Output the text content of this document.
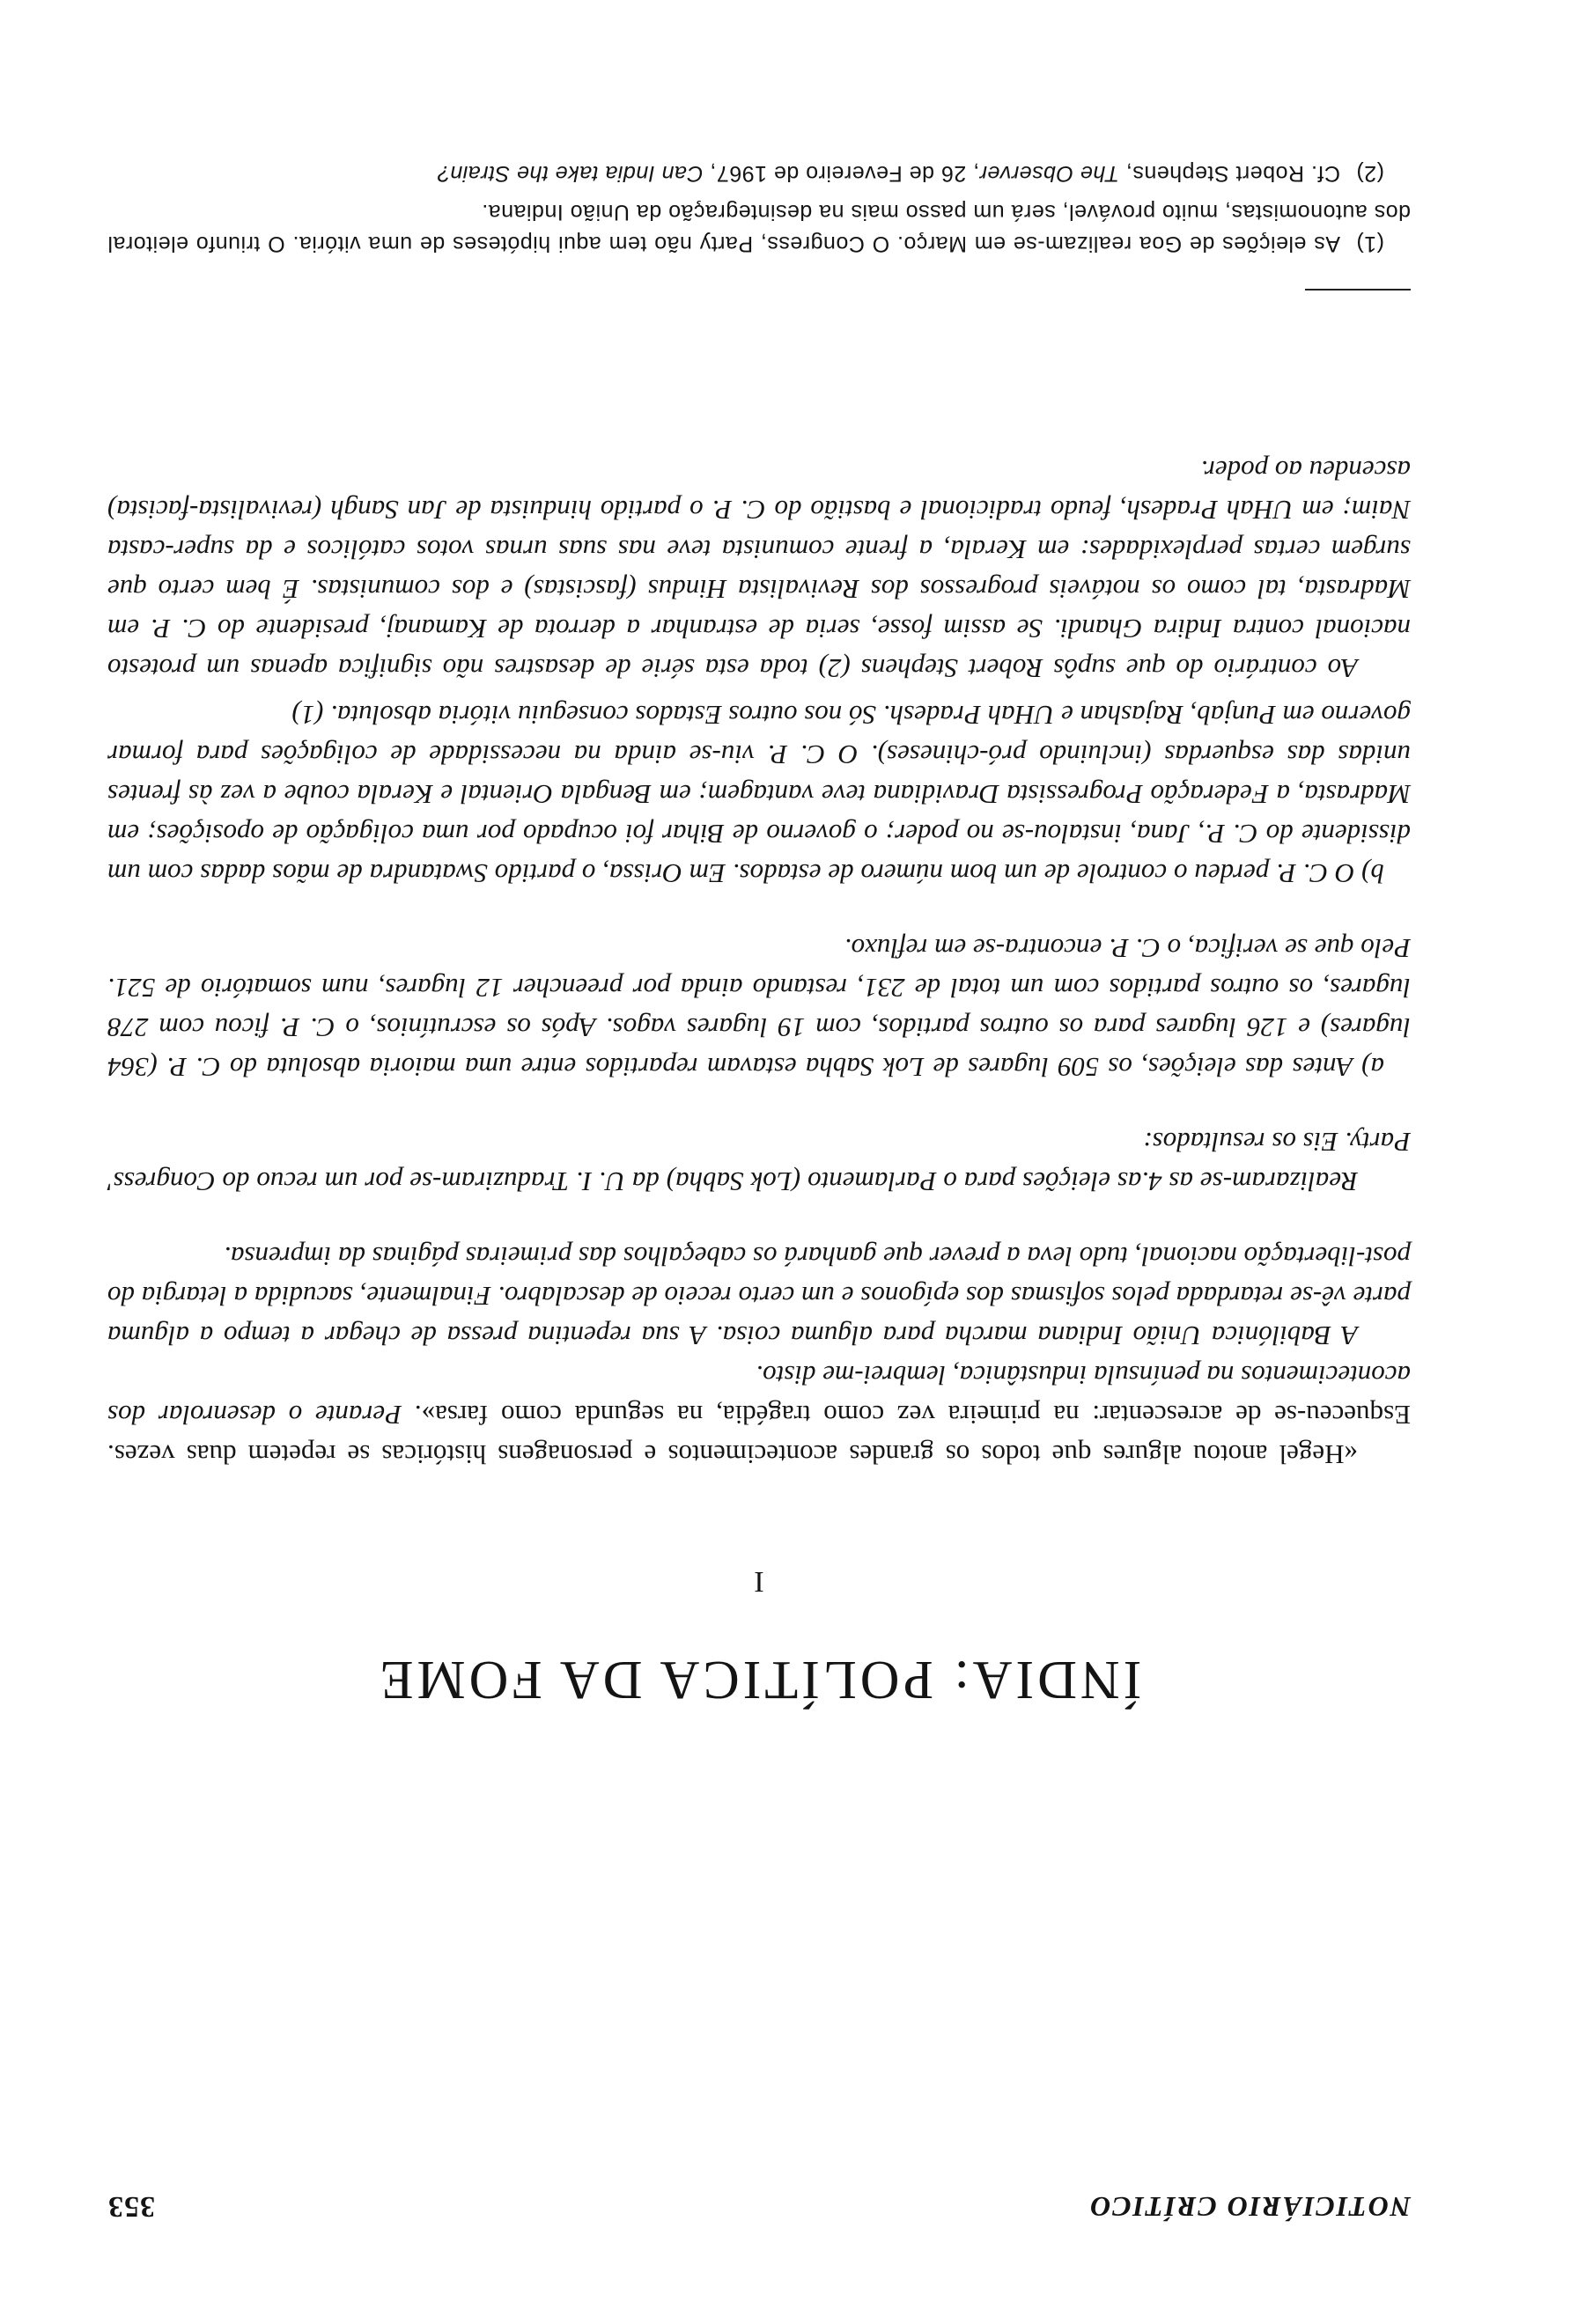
NOTICIÁRIO CRÍTICO
353
ÍNDIA: POLÍTICA DA FOME
I

«Hegel anotou algures que todos os grandes acontecimentos e personagens históricas se repetem duas vezes. Esqueceu-se de acrescentar: na primeira vez como tragédia, na segunda como farsa». Perante o desenrolar dos acontecimentos na península industânica, lembrei-me disto.

A Babilónica União Indiana marcha para alguma coisa. A sua repentina pressa de chegar a tempo a alguma parte vê-se retardada pelos sofismas dos epígonos e um certo receio de descalabro. Finalmente, sacudida a letargia do post-libertação nacional, tudo leva a prever que ganhará os cabeçalhos das primeiras páginas da imprensa.

Realizaram-se as 4.as eleições para o Parlamento (Lok Sabha) da U. I. Traduziram-se por um recuo do Congress' Party. Eis os resultados:

a) Antes das eleições, os 509 lugares de Lok Sabha estavam repartidos entre uma maioria absoluta do C. P. (364 lugares) e 126 lugares para os outros partidos, com 19 lugares vagos. Após os escrutínios, o C. P. ficou com 278 lugares, os outros partidos com um total de 231, restando ainda por preencher 12 lugares, num somatório de 521. Pelo que se verifica, o C. P. encontra-se em refluxo.

b) O C. P. perdeu o controle de um bom número de estados. Em Orissa, o partido Swatandra de mãos dadas com um dissidente do C. P., Jana, instalou-se no poder; o governo de Bihar foi ocupado por uma coligação de oposições; em Madrasta, a Federação Progressista Dravidiana teve vantagem; em Bengala Oriental e Kerala coube a vez às frentes unidas das esquerdas (incluindo pró-chineses). O C. P. viu-se ainda na necessidade de coligações para formar governo em Punjab, Rajashan e UHah Pradesh. Só nos outros Estados conseguiu vitória absoluta. (1)

Ao contrário do que supôs Robert Stephens (2) toda esta série de desastres não significa apenas um protesto nacional contra Indira Ghandi. Se assim fosse, seria de estranhar a derrota de Kamanaj, presidente do C. P. em Madrasta, tal como os notáveis progressos dos Revivalista Hindus (fascistas) e dos comunistas. É bem certo que surgem certas perplexidades: em Kerala, a frente comunista teve nas suas urnas votos católicos e da super-casta Naim; em UHah Pradesh, feudo tradicional e bastião do C. P. o partido hinduista de Jan Sangh (revivalista-facista) ascendeu ao poder.

(1)As eleições de Goa realizam-se em Março. O Congress, Party não tem aqui hipóteses de uma vitória. O triunfo eleitoral dos autonomistas, muito provável, será um passo mais na desintegração da União Indiana.

(2)Cf. Robert Stephens, The Observer, 26 de Fevereiro de 1967, Can India take the Strain?
